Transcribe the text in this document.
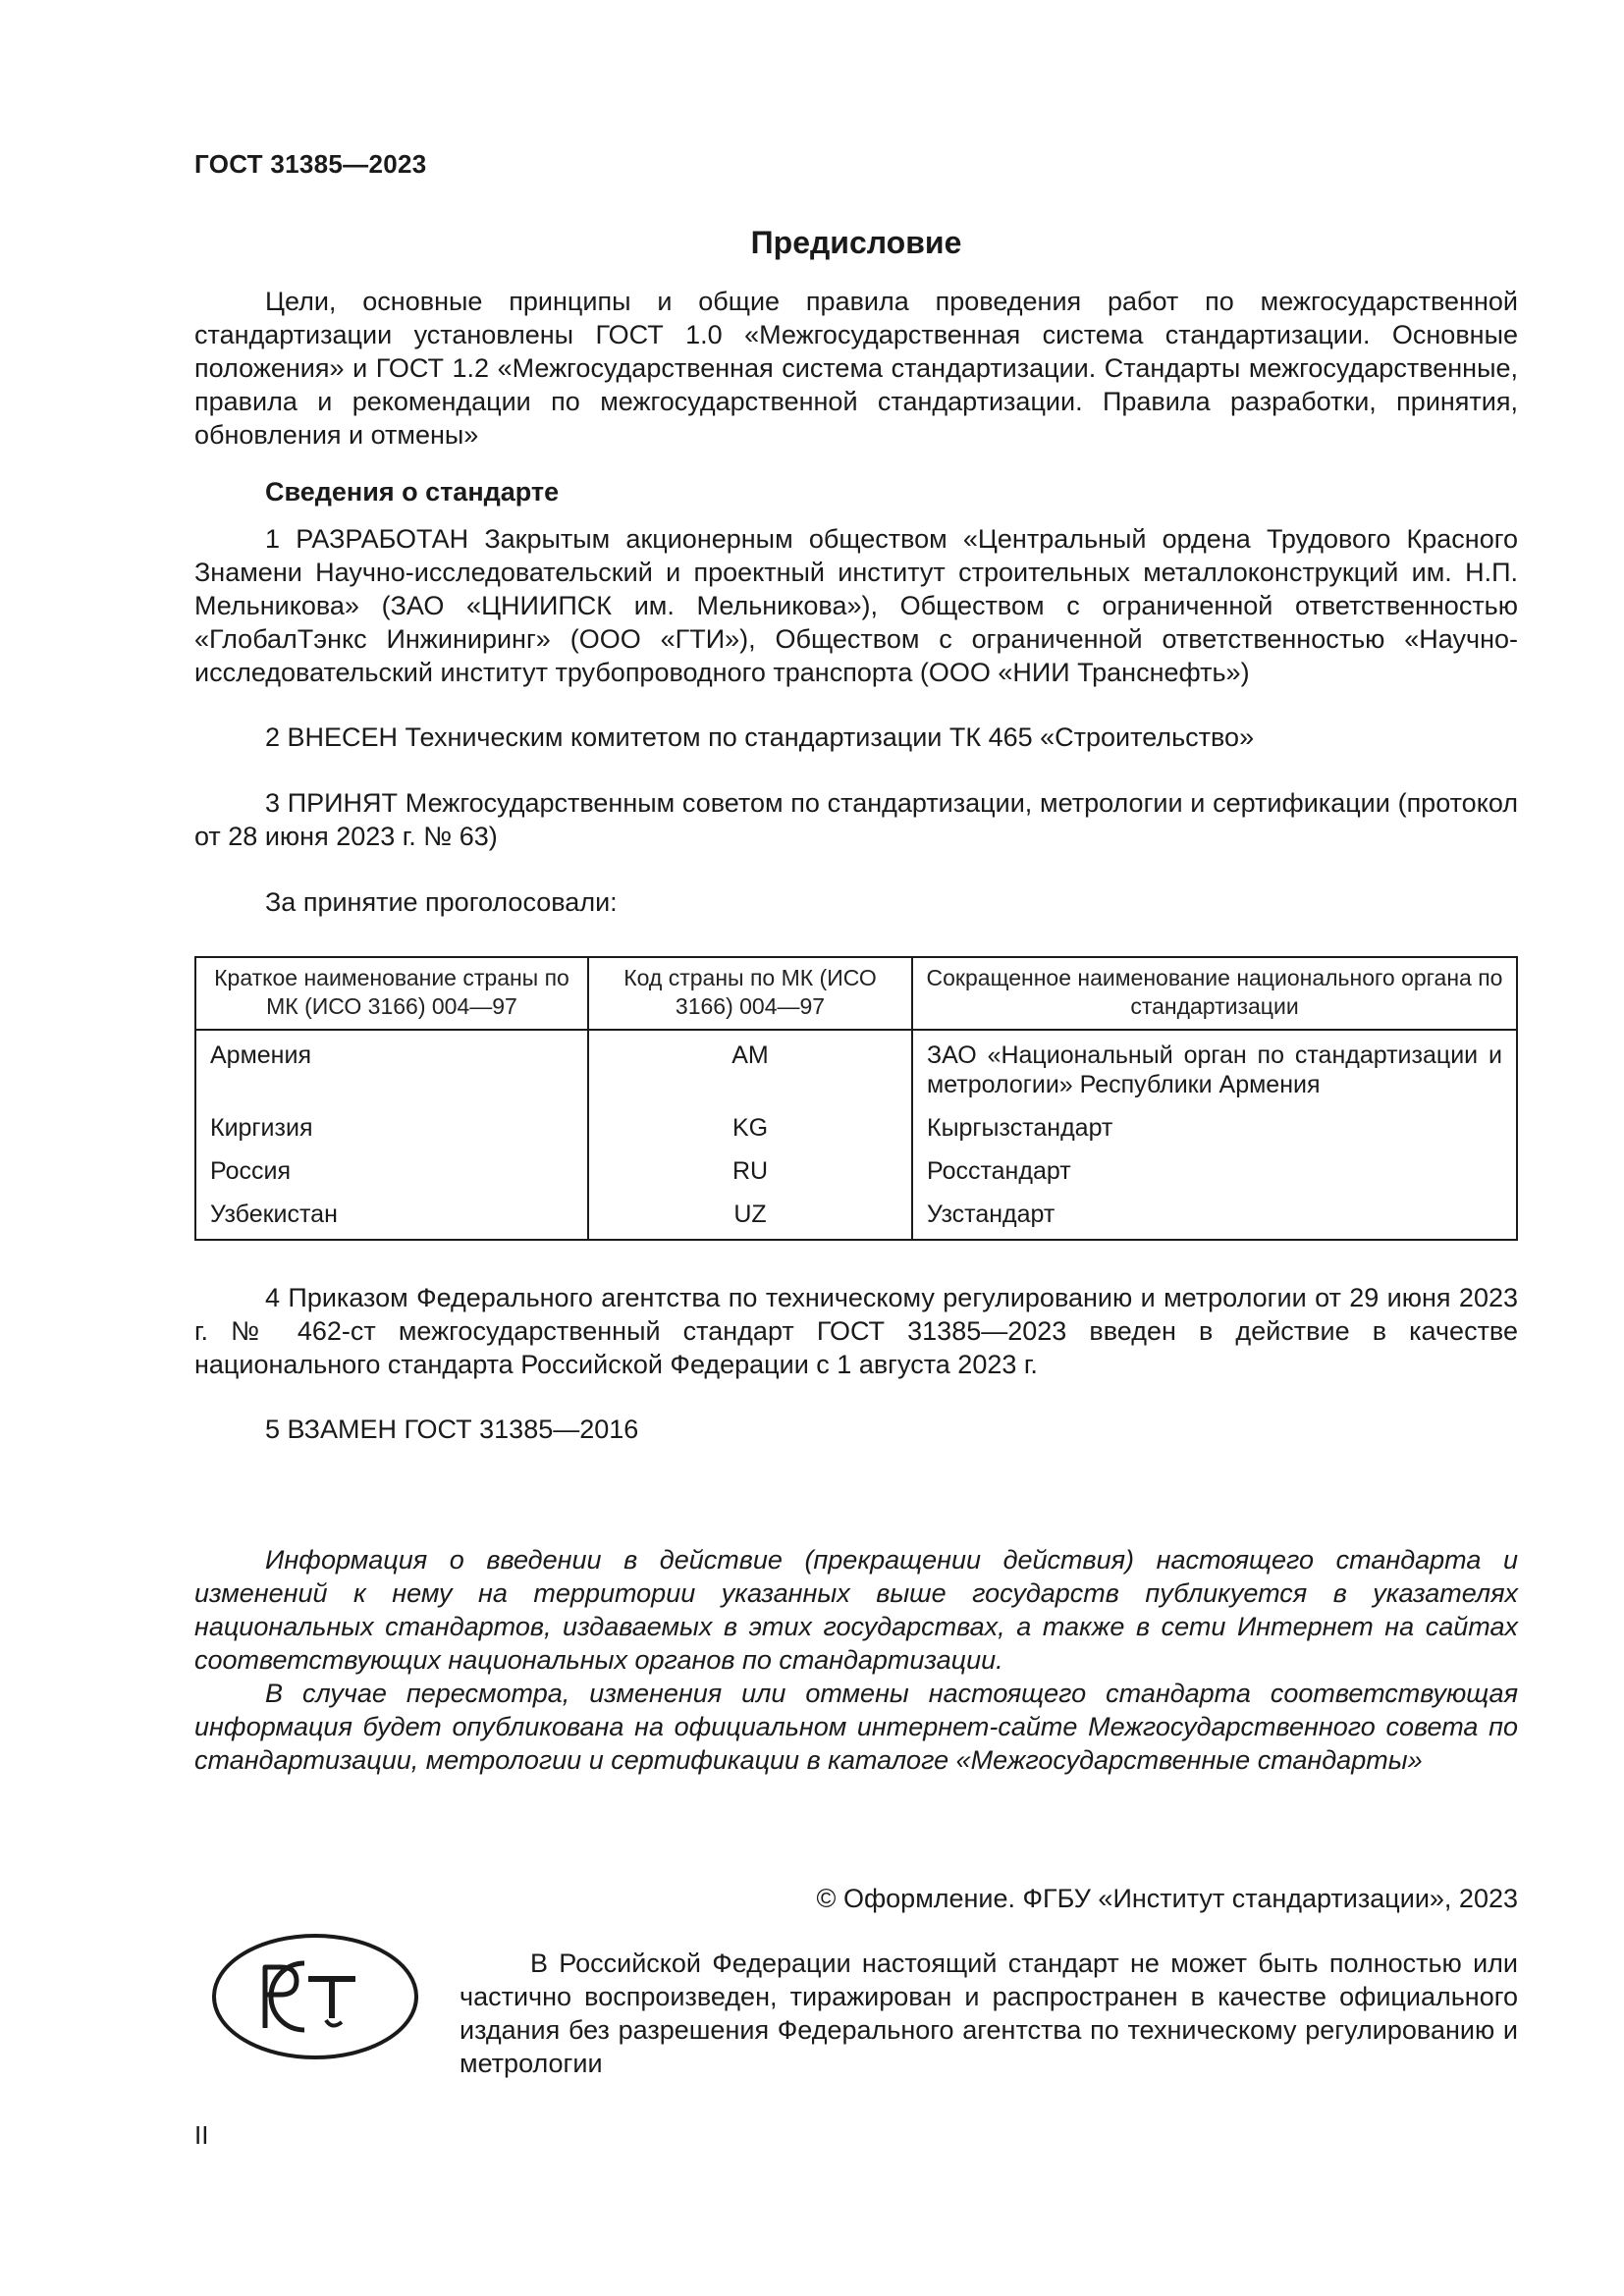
ГОСТ 31385—2023
Предисловие
Цели, основные принципы и общие правила проведения работ по межгосударственной стандартизации установлены ГОСТ 1.0 «Межгосударственная система стандартизации. Основные положения» и ГОСТ 1.2 «Межгосударственная система стандартизации. Стандарты межгосударственные, правила и рекомендации по межгосударственной стандартизации. Правила разработки, принятия, обновления и отмены»
Сведения о стандарте
1 РАЗРАБОТАН Закрытым акционерным обществом «Центральный ордена Трудового Красного Знамени Научно-исследовательский и проектный институт строительных металлоконструкций им. Н.П. Мельникова» (ЗАО «ЦНИИПСК им. Мельникова»), Обществом с ограниченной ответственностью «ГлобалТэнкс Инжиниринг» (ООО «ГТИ»), Обществом с ограниченной ответственностью «Научно-исследовательский институт трубопроводного транспорта (ООО «НИИ Транснефть»)
2 ВНЕСЕН Техническим комитетом по стандартизации ТК 465 «Строительство»
3 ПРИНЯТ Межгосударственным советом по стандартизации, метрологии и сертификации (протокол от 28 июня 2023 г. № 63)
За принятие проголосовали:
Краткое наименование страны по МК (ИСО 3166) 004—97	Код страны по МК (ИСО 3166) 004—97	Сокращенное наименование национального органа по стандартизации
Армения	AM	ЗАО «Национальный орган по стандартизации и метрологии» Республики Армения
Киргизия	KG	Кыргызстандарт
Россия	RU	Росстандарт
Узбекистан	UZ	Узстандарт
4 Приказом Федерального агентства по техническому регулированию и метрологии от 29 июня 2023 г. № 462-ст межгосударственный стандарт ГОСТ 31385—2023 введен в действие в качестве национального стандарта Российской Федерации с 1 августа 2023 г.
5 ВЗАМЕН ГОСТ 31385—2016
Информация о введении в действие (прекращении действия) настоящего стандарта и изменений к нему на территории указанных выше государств публикуется в указателях национальных стандартов, издаваемых в этих государствах, а также в сети Интернет на сайтах соответствующих национальных органов по стандартизации.
В случае пересмотра, изменения или отмены настоящего стандарта соответствующая информация будет опубликована на официальном интернет-сайте Межгосударственного совета по стандартизации, метрологии и сертификации в каталоге «Межгосударственные стандарты»
© Оформление. ФГБУ «Институт стандартизации», 2023
В Российской Федерации настоящий стандарт не может быть полностью или частично воспроизведен, тиражирован и распространен в качестве официального издания без разрешения Федерального агентства по техническому регулированию и метрологии
II
